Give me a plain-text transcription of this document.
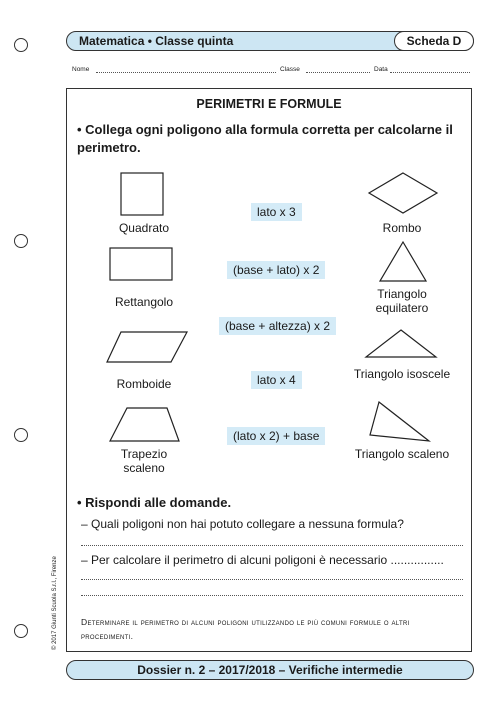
Matematica • Classe quinta	Scheda D
Nome	Classe	Data
PERIMETRI E FORMULE
• Collega ogni poligono alla formula corretta per calcolarne il perimetro.
Quadrato
Rettangolo
Romboide
Trapezio scaleno
lato x 3
(base + lato) x 2
(base + altezza) x 2
lato x 4
(lato x 2) + base
Rombo
Triangolo equilatero
Triangolo isoscele
Triangolo scaleno
• Rispondi alle domande.
– Quali poligoni non hai potuto collegare a nessuna formula?
– Per calcolare il perimetro di alcuni poligoni è necessario ................
Determinare il perimetro di alcuni poligoni utilizzando le più comuni formule o altri procedimenti.
© 2017 Giunti Scuola S.r.l., Firenze
Dossier n. 2 – 2017/2018 – Verifiche intermedie
